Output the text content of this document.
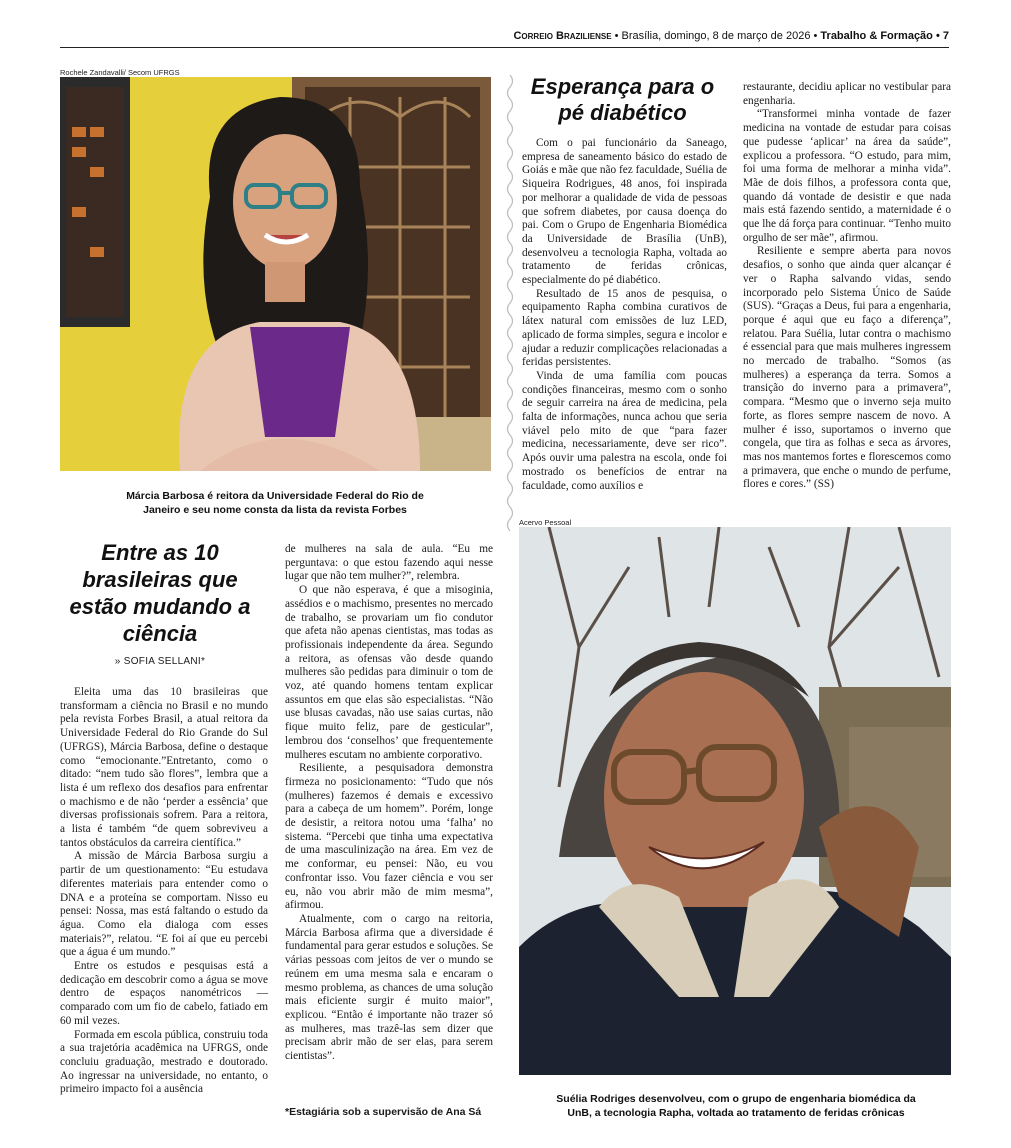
Correio Braziliense • Brasília, domingo, 8 de março de 2026 • Trabalho & Formação • 7
Rochele Zandavalli/ Secom UFRGS
Márcia Barbosa é reitora da Universidade Federal do Rio de Janeiro e seu nome consta da lista da revista Forbes
Entre as 10 brasileiras que estão mudando a ciência
» SOFIA SELLANI*

Eleita uma das 10 brasileiras que transformam a ciência no Brasil e no mundo pela revista Forbes Brasil, a atual reitora da Universidade Federal do Rio Grande do Sul (UFRGS), Márcia Barbosa, define o destaque como “emocionante.”Entretanto, como o ditado: “nem tudo são flores”, lembra que a lista é um reflexo dos desafios para enfrentar o machismo e de não ‘perder a essência’ que diversas profissionais sofrem. Para a reitora, a lista é também “de quem sobreviveu a tantos obstáculos da carreira científica.”

A missão de Márcia Barbosa surgiu a partir de um questionamento: “Eu estudava diferentes materiais para entender como o DNA e a proteína se comportam. Nisso eu pensei: Nossa, mas está faltando o estudo da água. Como ela dialoga com esses materiais?”, relatou. “E foi aí que eu percebi que a água é um mundo.”

Entre os estudos e pesquisas está a dedicação em descobrir como a água se move dentro de espaços nanométricos — comparado com um fio de cabelo, fatiado em 60 mil vezes.

Formada em escola pública, construiu toda a sua trajetória acadêmica na UFRGS, onde concluiu graduação, mestrado e doutorado. Ao ingressar na universidade, no entanto, o primeiro impacto foi a ausência

de mulheres na sala de aula. “Eu me perguntava: o que estou fazendo aqui nesse lugar que não tem mulher?”, relembra.

O que não esperava, é que a misoginia, assédios e o machismo, presentes no mercado de trabalho, se provariam um fio condutor que afeta não apenas cientistas, mas todas as profissionais independente da área. Segundo a reitora, as ofensas vão desde quando mulheres são pedidas para diminuir o tom de voz, até quando homens tentam explicar assuntos em que elas são especialistas. “Não use blusas cavadas, não use saias curtas, não fique muito feliz, pare de gesticular”, lembrou dos ‘conselhos’ que frequentemente mulheres escutam no ambiente corporativo.

Resiliente, a pesquisadora demonstra firmeza no posicionamento: “Tudo que nós (mulheres) fazemos é demais e excessivo para a cabeça de um homem”. Porém, longe de desistir, a reitora notou uma ‘falha’ no sistema. “Percebi que tinha uma expectativa de uma masculinização na área. Em vez de me conformar, eu pensei: Não, eu vou confrontar isso. Vou fazer ciência e vou ser eu, não vou abrir mão de mim mesma”, afirmou.

Atualmente, com o cargo na reitoria, Márcia Barbosa afirma que a diversidade é fundamental para gerar estudos e soluções. Se várias pessoas com jeitos de ver o mundo se reúnem em uma mesma sala e encaram o mesmo problema, as chances de uma solução mais eficiente surgir é muito maior”, explicou. “Então é importante não trazer só as mulheres, mas trazê-las sem dizer que precisam abrir mão de ser elas, para serem cientistas”.

*Estagiária sob a supervisão de Ana Sá
Esperança para o pé diabético

Com o pai funcionário da Saneago, empresa de saneamento básico do estado de Goiás e mãe que não fez faculdade, Suélia de Siqueira Rodrigues, 48 anos, foi inspirada por melhorar a qualidade de vida de pessoas que sofrem diabetes, por causa doença do pai. Com o Grupo de Engenharia Biomédica da Universidade de Brasília (UnB), desenvolveu a tecnologia Rapha, voltada ao tratamento de feridas crônicas, especialmente do pé diabético.

Resultado de 15 anos de pesquisa, o equipamento Rapha combina curativos de látex natural com emissões de luz LED, aplicado de forma simples, segura e incolor e ajudar a reduzir complicações relacionadas a feridas persistentes.

Vinda de uma família com poucas condições financeiras, mesmo com o sonho de seguir carreira na área de medicina, pela falta de informações, nunca achou que seria viável pelo mito de que “para fazer medicina, necessariamente, deve ser rico”. Após ouvir uma palestra na escola, onde foi mostrado os benefícios de entrar na faculdade, como auxílios e

restaurante, decidiu aplicar no vestibular para engenharia.

“Transformei minha vontade de fazer medicina na vontade de estudar para coisas que pudesse ‘aplicar’ na área da saúde”, explicou a professora. “O estudo, para mim, foi uma forma de melhorar a minha vida”. Mãe de dois filhos, a professora conta que, quando dá vontade de desistir e que nada mais está fazendo sentido, a maternidade é o que lhe dá força para continuar. “Tenho muito orgulho de ser mãe”, afirmou.

Resiliente e sempre aberta para novos desafios, o sonho que ainda quer alcançar é ver o Rapha salvando vidas, sendo incorporado pelo Sistema Único de Saúde (SUS). “Graças a Deus, fui para a engenharia, porque é aqui que eu faço a diferença”, relatou. Para Suélia, lutar contra o machismo é essencial para que mais mulheres ingressem no mercado de trabalho. “Somos (as mulheres) a esperança da terra. Somos a transição do inverno para a primavera”, compara. “Mesmo que o inverno seja muito forte, as flores sempre nascem de novo. A mulher é isso, suportamos o inverno que congela, que tira as folhas e seca as árvores, mas nos mantemos fortes e florescemos como a primavera, que enche o mundo de perfume, flores e cores.” (SS)

Acervo Pessoal
Suélia Rodriges desenvolveu, com o grupo de engenharia biomédica da UnB, a tecnologia Rapha, voltada ao tratamento de feridas crônicas
